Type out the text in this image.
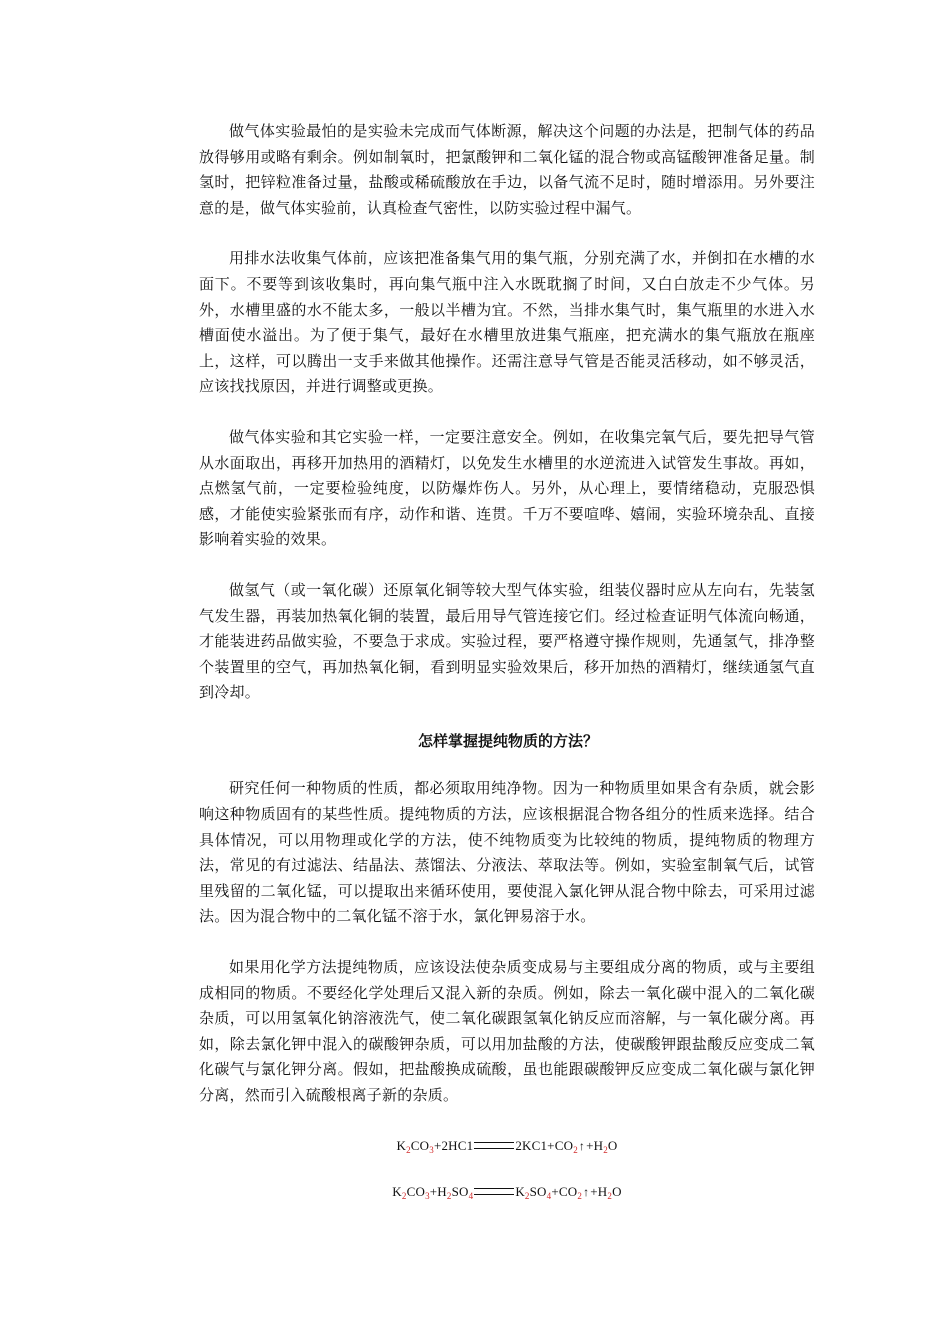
做气体实验最怕的是实验未完成而气体断源，解决这个问题的办法是，把制气体的药品放得够用或略有剩余。例如制氧时，把氯酸钾和二氧化锰的混合物或高锰酸钾准备足量。制氢时，把锌粒准备过量，盐酸或稀硫酸放在手边，以备气流不足时，随时增添用。另外要注意的是，做气体实验前，认真检查气密性，以防实验过程中漏气。

用排水法收集气体前，应该把准备集气用的集气瓶，分别充满了水，并倒扣在水槽的水面下。不要等到该收集时，再向集气瓶中注入水既耽搁了时间，又白白放走不少气体。另外，水槽里盛的水不能太多，一般以半槽为宜。不然，当排水集气时，集气瓶里的水进入水槽面使水溢出。为了便于集气，最好在水槽里放进集气瓶座，把充满水的集气瓶放在瓶座上，这样，可以腾出一支手来做其他操作。还需注意导气管是否能灵活移动，如不够灵活，应该找找原因，并进行调整或更换。

做气体实验和其它实验一样，一定要注意安全。例如，在收集完氧气后，要先把导气管从水面取出，再移开加热用的酒精灯，以免发生水槽里的水逆流进入试管发生事故。再如，点燃氢气前，一定要检验纯度，以防爆炸伤人。另外，从心理上，要情绪稳动，克服恐惧感，才能使实验紧张而有序，动作和谐、连贯。千万不要喧哗、嬉闹，实验环境杂乱、直接影响着实验的效果。

做氢气（或一氧化碳）还原氧化铜等较大型气体实验，组装仪器时应从左向右，先装氢气发生器，再装加热氧化铜的装置，最后用导气管连接它们。经过检查证明气体流向畅通，才能装进药品做实验，不要急于求成。实验过程，要严格遵守操作规则，先通氢气，排净整个装置里的空气，再加热氧化铜，看到明显实验效果后，移开加热的酒精灯，继续通氢气直到冷却。

怎样掌握提纯物质的方法？

研究任何一种物质的性质，都必须取用纯净物。因为一种物质里如果含有杂质，就会影响这种物质固有的某些性质。提纯物质的方法，应该根据混合物各组分的性质来选择。结合具体情况，可以用物理或化学的方法，使不纯物质变为比较纯的物质，提纯物质的物理方法，常见的有过滤法、结晶法、蒸馏法、分液法、萃取法等。例如，实验室制氧气后，试管里残留的二氧化锰，可以提取出来循环使用，要使混入氯化钾从混合物中除去，可采用过滤法。因为混合物中的二氧化锰不溶于水，氯化钾易溶于水。

如果用化学方法提纯物质，应该设法使杂质变成易与主要组成分离的物质，或与主要组成相同的物质。不要经化学处理后又混入新的杂质。例如，除去一氧化碳中混入的二氧化碳杂质，可以用氢氧化钠溶液洗气，使二氧化碳跟氢氧化钠反应而溶解，与一氧化碳分离。再如，除去氯化钾中混入的碳酸钾杂质，可以用加盐酸的方法，使碳酸钾跟盐酸反应变成二氧化碳气与氯化钾分离。假如，把盐酸换成硫酸，虽也能跟碳酸钾反应变成二氧化碳与氯化钾分离，然而引入硫酸根离子新的杂质。

$K_2CO_3+2HC1$	$2KC1+CO_2↑+H_2O$

$K_2CO_3+H_2SO_4$	$K_2SO_4+CO_2↑+H_2O$
